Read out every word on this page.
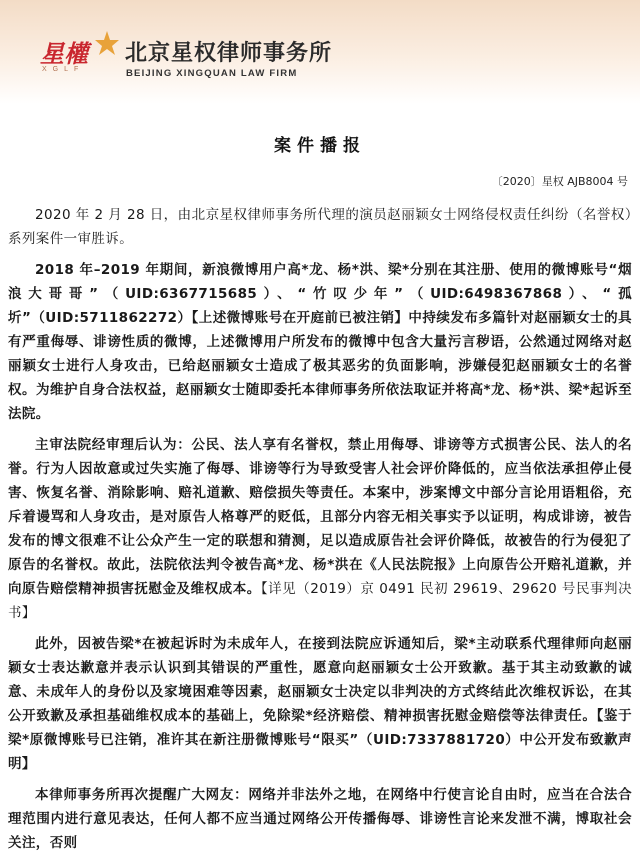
星權
XGLF
北京星权律师事务所
BEIJING XINGQUAN LAW FIRM
案件播报
〔2020〕星权 AJB8004 号

2020 年 2 月 28 日，由北京星权律师事务所代理的演员赵丽颖女士网络侵权责任纠纷（名誉权）系列案件一审胜诉。

2018 年–2019 年期间，新浪微博用户高*龙、杨*洪、梁*分别在其注册、使用的微博账号“烟浪大哥哥”（UID:6367715685）、“竹叹少年”（UID:6498367868）、“孤圻”（UID:5711862272）【上述微博账号在开庭前已被注销】中持续发布多篇针对赵丽颖女士的具有严重侮辱、诽谤性质的微博，上述微博用户所发布的微博中包含大量污言秽语，公然通过网络对赵丽颖女士进行人身攻击，已给赵丽颖女士造成了极其恶劣的负面影响，涉嫌侵犯赵丽颖女士的名誉权。为维护自身合法权益，赵丽颖女士随即委托本律师事务所依法取证并将高*龙、杨*洪、梁*起诉至法院。

主审法院经审理后认为：公民、法人享有名誉权，禁止用侮辱、诽谤等方式损害公民、法人的名誉。行为人因故意或过失实施了侮辱、诽谤等行为导致受害人社会评价降低的，应当依法承担停止侵害、恢复名誉、消除影响、赔礼道歉、赔偿损失等责任。本案中，涉案博文中部分言论用语粗俗，充斥着谩骂和人身攻击，是对原告人格尊严的贬低，且部分内容无相关事实予以证明，构成诽谤，被告发布的博文很难不让公众产生一定的联想和猜测，足以造成原告社会评价降低，故被告的行为侵犯了原告的名誉权。故此，法院依法判令被告高*龙、杨*洪在《人民法院报》上向原告公开赔礼道歉，并向原告赔偿精神损害抚慰金及维权成本。【详见（2019）京 0491 民初 29619、29620 号民事判决书】

此外，因被告梁*在被起诉时为未成年人，在接到法院应诉通知后，梁*主动联系代理律师向赵丽颖女士表达歉意并表示认识到其错误的严重性，愿意向赵丽颖女士公开致歉。基于其主动致歉的诚意、未成年人的身份以及家境困难等因素，赵丽颖女士决定以非判决的方式终结此次维权诉讼，在其公开致歉及承担基础维权成本的基础上，免除梁*经济赔偿、精神损害抚慰金赔偿等法律责任。【鉴于梁*原微博账号已注销，准许其在新注册微博账号“限买”（UID:7337881720）中公开发布致歉声明】

本律师事务所再次提醒广大网友：网络并非法外之地，在网络中行使言论自由时，应当在合法合理范围内进行意见表达，任何人都不应当通过网络公开传播侮辱、诽谤性言论来发泄不满，博取社会关注，否则
